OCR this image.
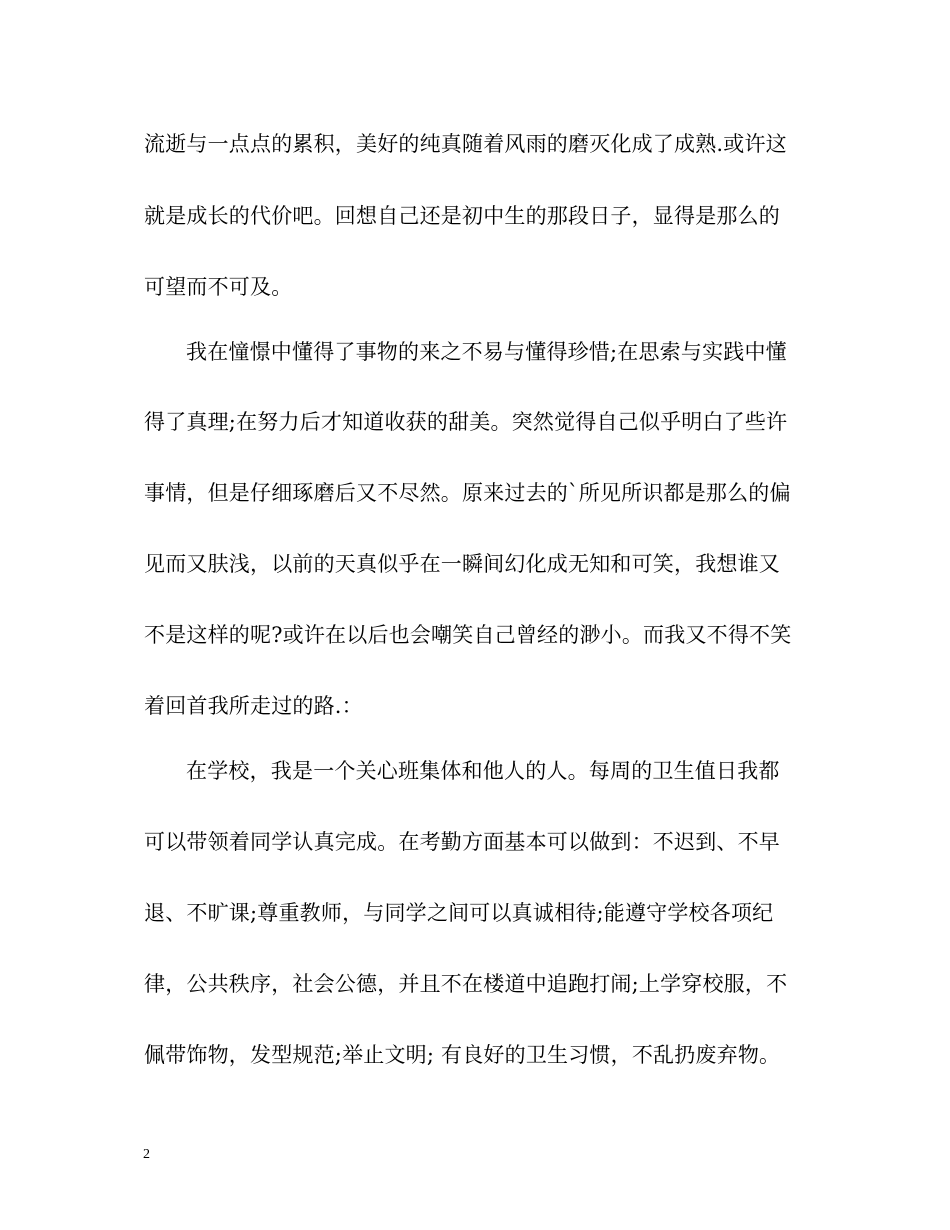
流逝与一点点的累积，美好的纯真随着风雨的磨灭化成了成熟.或许这
就是成长的代价吧。回想自己还是初中生的那段日子，显得是那么的
可望而不可及。
我在憧憬中懂得了事物的来之不易与懂得珍惜;在思索与实践中懂
得了真理;在努力后才知道收获的甜美。突然觉得自己似乎明白了些许
事情，但是仔细琢磨后又不尽然。原来过去的`所见所识都是那么的偏
见而又肤浅，以前的天真似乎在一瞬间幻化成无知和可笑，我想谁又
不是这样的呢?或许在以后也会嘲笑自己曾经的渺小。而我又不得不笑
着回首我所走过的路.：
在学校，我是一个关心班集体和他人的人。每周的卫生值日我都
可以带领着同学认真完成。在考勤方面基本可以做到：不迟到、不早
退、不旷课;尊重教师，与同学之间可以真诚相待;能遵守学校各项纪
律，公共秩序，社会公德，并且不在楼道中追跑打闹;上学穿校服，不
佩带饰物，发型规范;举止文明; 有良好的卫生习惯，不乱扔废弃物。
2
